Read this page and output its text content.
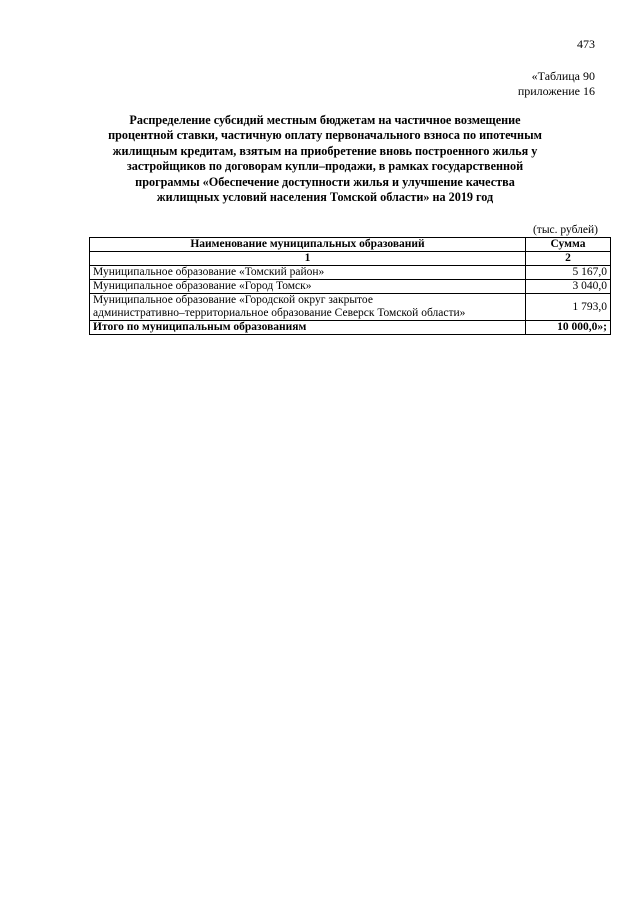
473
«Таблица 90
приложение 16
Распределение субсидий местным бюджетам на частичное возмещение
процентной ставки, частичную оплату первоначального взноса по ипотечным
жилищным кредитам, взятым на приобретение вновь построенного жилья у
застройщиков по договорам купли–продажи, в рамках государственной
программы «Обеспечение доступности жилья и улучшение качества
жилищных условий населения Томской области» на 2019 год
(тыс. рублей)
Наименование муниципальных образований	Сумма
1	2
Муниципальное образование «Томский район»	5 167,0
Муниципальное образование «Город Томск»	3 040,0

Муниципальное образование «Городской округ закрытое
административно–территориальное образование Северск Томской области»	1 793,0
Итого по муниципальным образованиям	10 000,0»;
